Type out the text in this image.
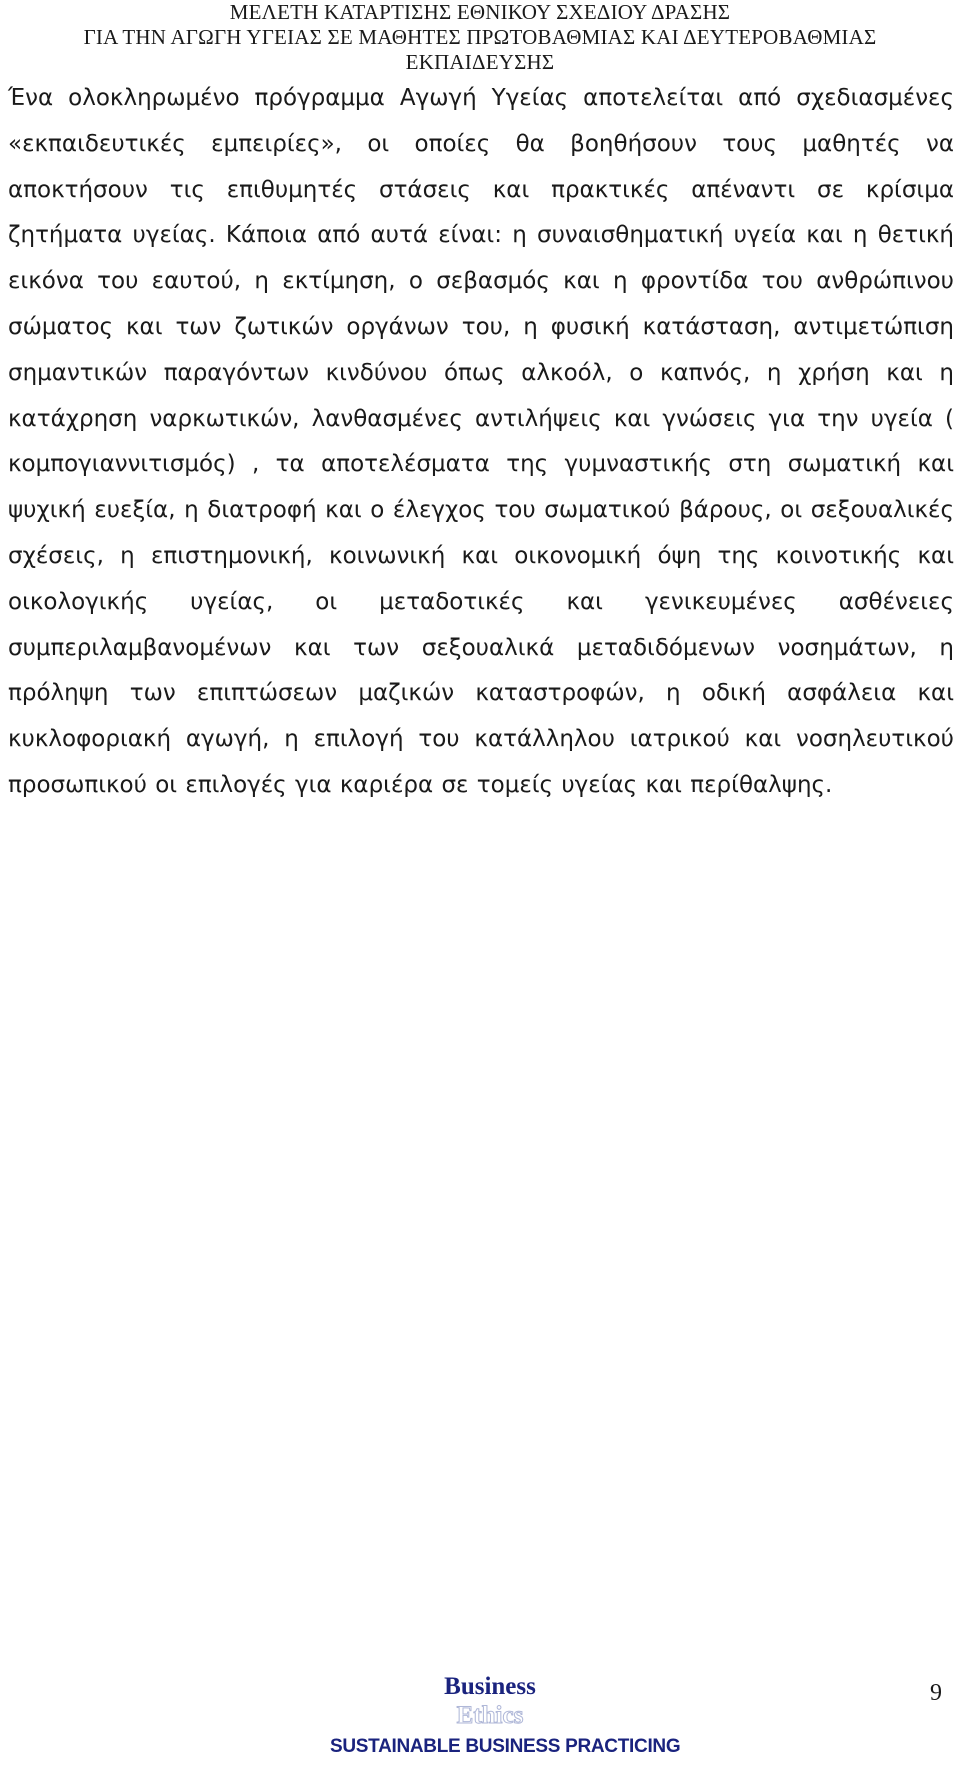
ΜΕΛΕΤΗ ΚΑΤΑΡΤΙΣΗΣ ΕΘΝΙΚΟΥ ΣΧΕΔΙΟΥ ΔΡΑΣΗΣ
ΓΙΑ ΤΗΝ ΑΓΩΓΗ ΥΓΕΙΑΣ ΣΕ ΜΑΘΗΤΕΣ ΠΡΩΤΟΒΑΘΜΙΑΣ ΚΑΙ ΔΕΥΤΕΡΟΒΑΘΜΙΑΣ
ΕΚΠΑΙΔΕΥΣΗΣ

Ένα ολοκληρωμένο πρόγραμμα Αγωγή Υγείας αποτελείται από σχεδιασμένες «εκπαιδευτικές εμπειρίες», οι οποίες θα βοηθήσουν τους μαθητές να αποκτήσουν τις επιθυμητές στάσεις και πρακτικές απέναντι σε κρίσιμα ζητήματα υγείας. Κάποια από αυτά είναι: η συναισθηματική υγεία και η θετική εικόνα του εαυτού, η εκτίμηση, ο σεβασμός και η φροντίδα του ανθρώπινου σώματος και των ζωτικών οργάνων του, η φυσική κατάσταση, αντιμετώπιση σημαντικών παραγόντων κινδύνου όπως αλκοόλ, ο καπνός, η χρήση και η κατάχρηση ναρκωτικών, λανθασμένες αντιλήψεις και γνώσεις για την υγεία ( κομπογιαννιτισμός) , τα αποτελέσματα της γυμναστικής στη σωματική και ψυχική ευεξία, η διατροφή και ο έλεγχος του σωματικού βάρους, οι σεξουαλικές σχέσεις, η επιστημονική, κοινωνική και οικονομική όψη της κοινοτικής και οικολογικής υγείας, οι μεταδοτικές και γενικευμένες ασθένειες συμπεριλαμβανομένων και των σεξουαλικά μεταδιδόμενων νοσημάτων, η πρόληψη των επιπτώσεων μαζικών καταστροφών, η οδική ασφάλεια και κυκλοφοριακή αγωγή, η επιλογή του κατάλληλου ιατρικού και νοσηλευτικού προσωπικού οι επιλογές για καριέρα σε τομείς υγείας και περίθαλψης.

Business
Ethics
SUSTAINABLE BUSINESS PRACTICING
9
